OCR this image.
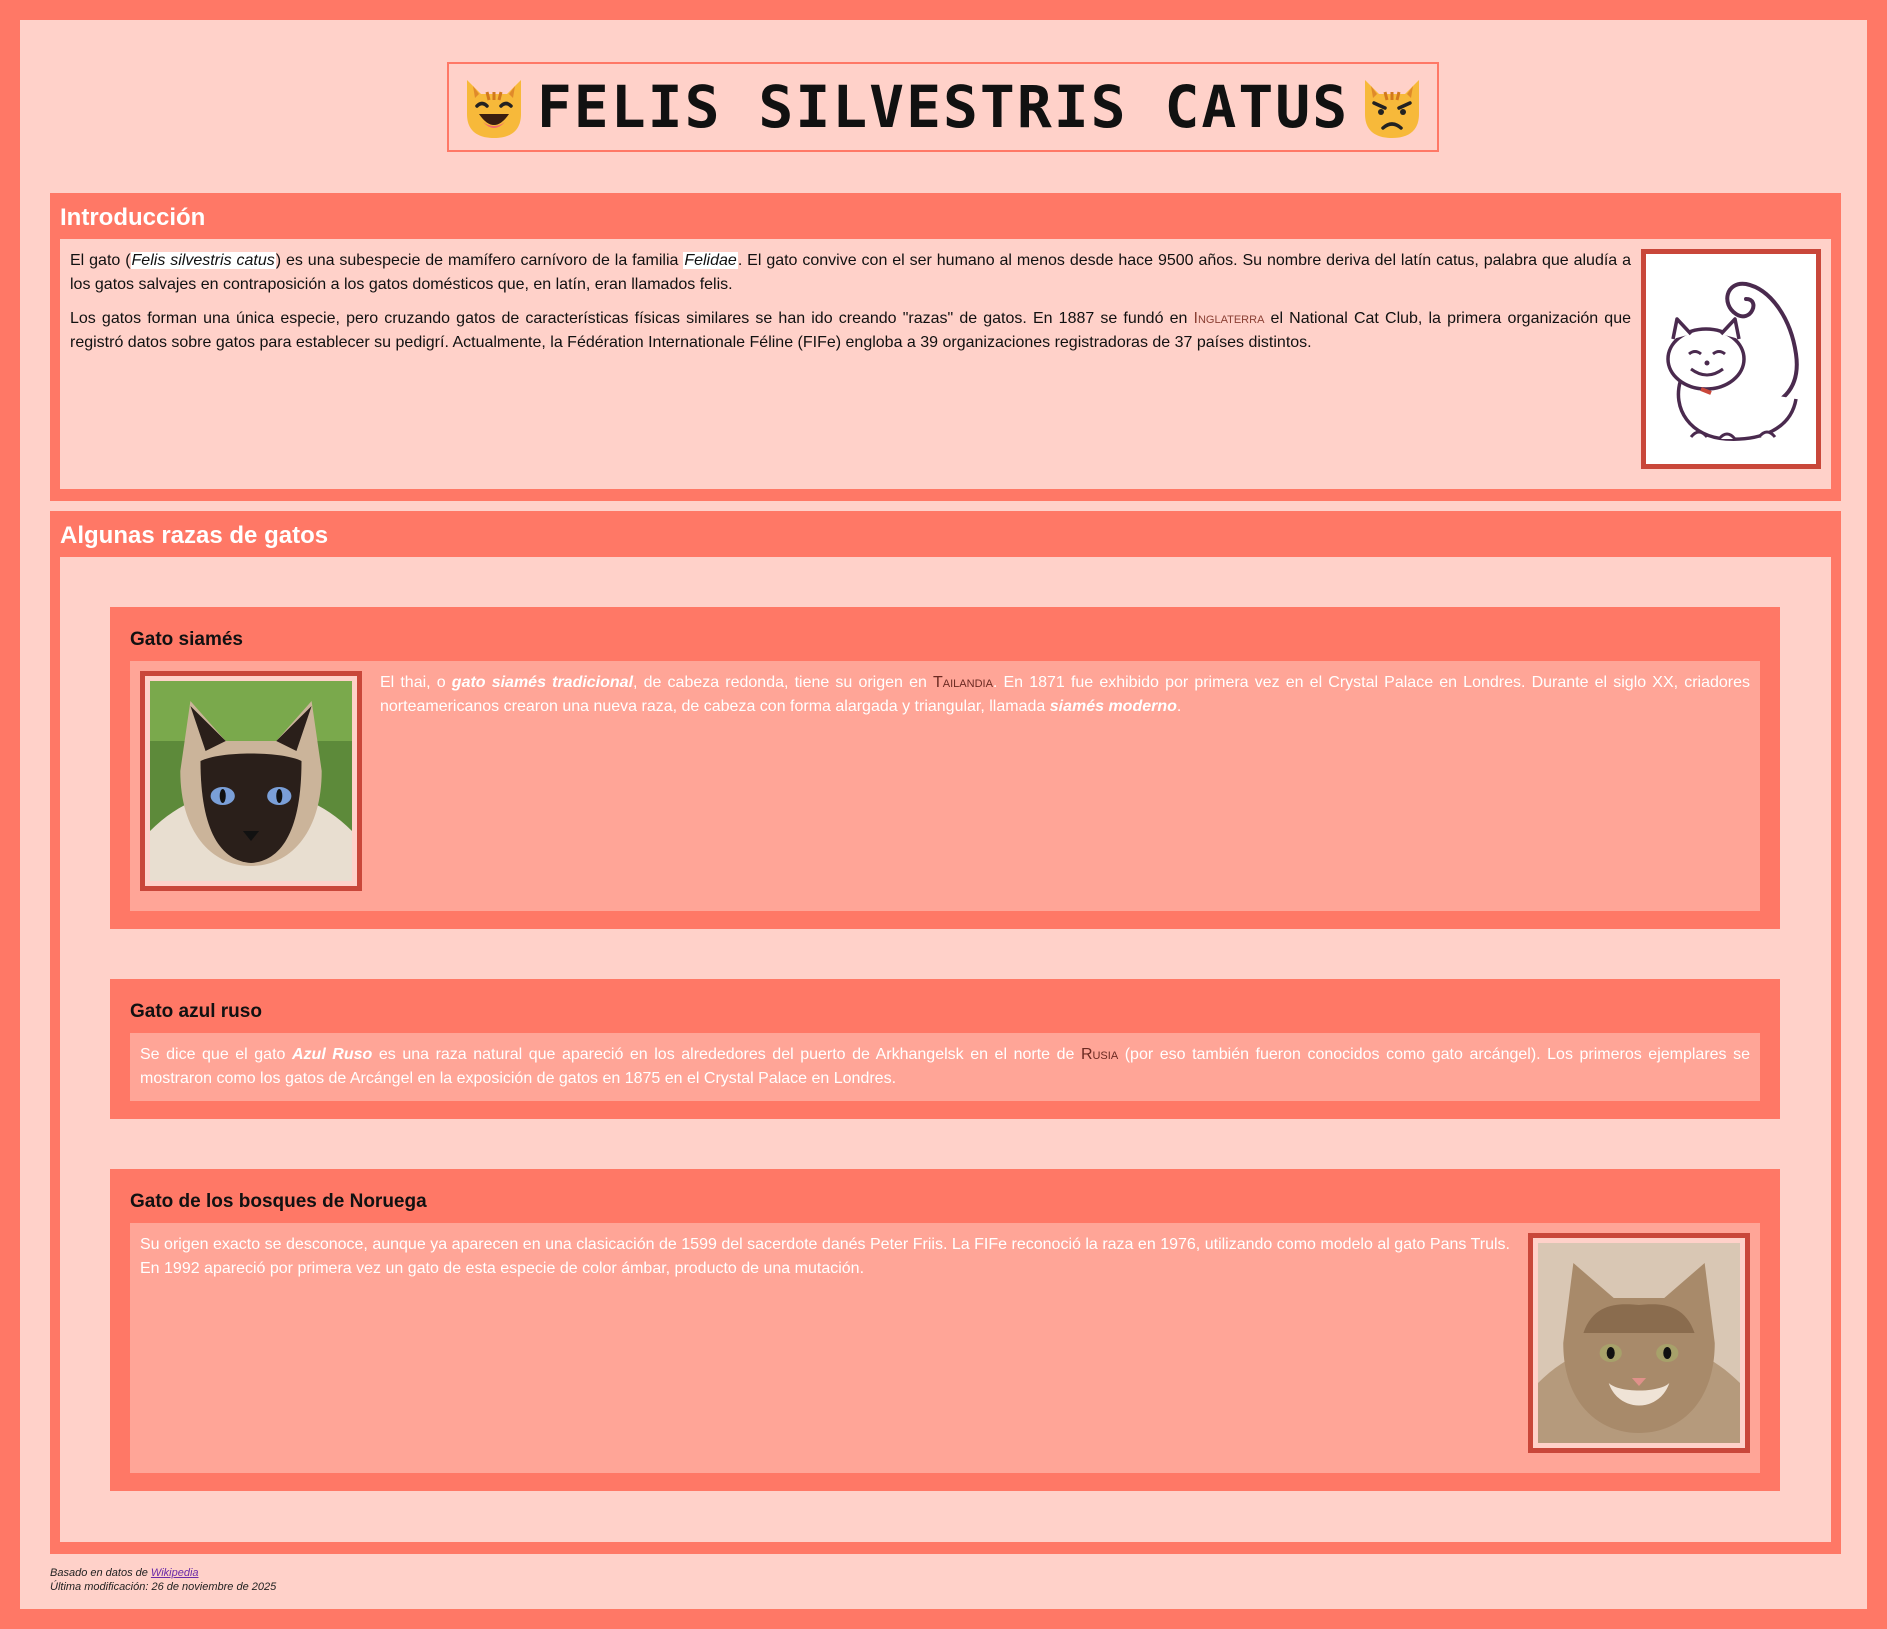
FELIS SILVESTRIS CATUS
Introducción

El gato (Felis silvestris catus) es una subespecie de mamífero carnívoro de la familia Felidae. El gato convive con el ser humano al menos desde hace 9500 años. Su nombre deriva del latín catus, palabra que aludía a los gatos salvajes en contraposición a los gatos domésticos que, en latín, eran llamados felis.

Los gatos forman una única especie, pero cruzando gatos de características físicas similares se han ido creando "razas" de gatos. En 1887 se fundó en Inglaterra el National Cat Club, la primera organización que registró datos sobre gatos para establecer su pedigrí. Actualmente, la Fédération Internationale Féline (FIFe) engloba a 39 organizaciones registradoras de 37 países distintos.

Algunas razas de gatos
Gato siamés
El thai, o gato siamés tradicional, de cabeza redonda, tiene su origen en Tailandia. En 1871 fue exhibido por primera vez en el Crystal Palace en Londres. Durante el siglo XX, criadores norteamericanos crearon una nueva raza, de cabeza con forma alargada y triangular, llamada siamés moderno.
Gato azul ruso
Se dice que el gato Azul Ruso es una raza natural que apareció en los alrededores del puerto de Arkhangelsk en el norte de Rusia (por eso también fueron conocidos como gato arcángel). Los primeros ejemplares se mostraron como los gatos de Arcángel en la exposición de gatos en 1875 en el Crystal Palace en Londres.
Gato de los bosques de Noruega
Su origen exacto se desconoce, aunque ya aparecen en una clasicación de 1599 del sacerdote danés Peter Friis. La FIFe reconoció la raza en 1976, utilizando como modelo al gato Pans Truls. En 1992 apareció por primera vez un gato de esta especie de color ámbar, producto de una mutación.
Basado en datos de Wikipedia
Última modificación: 26 de noviembre de 2025
